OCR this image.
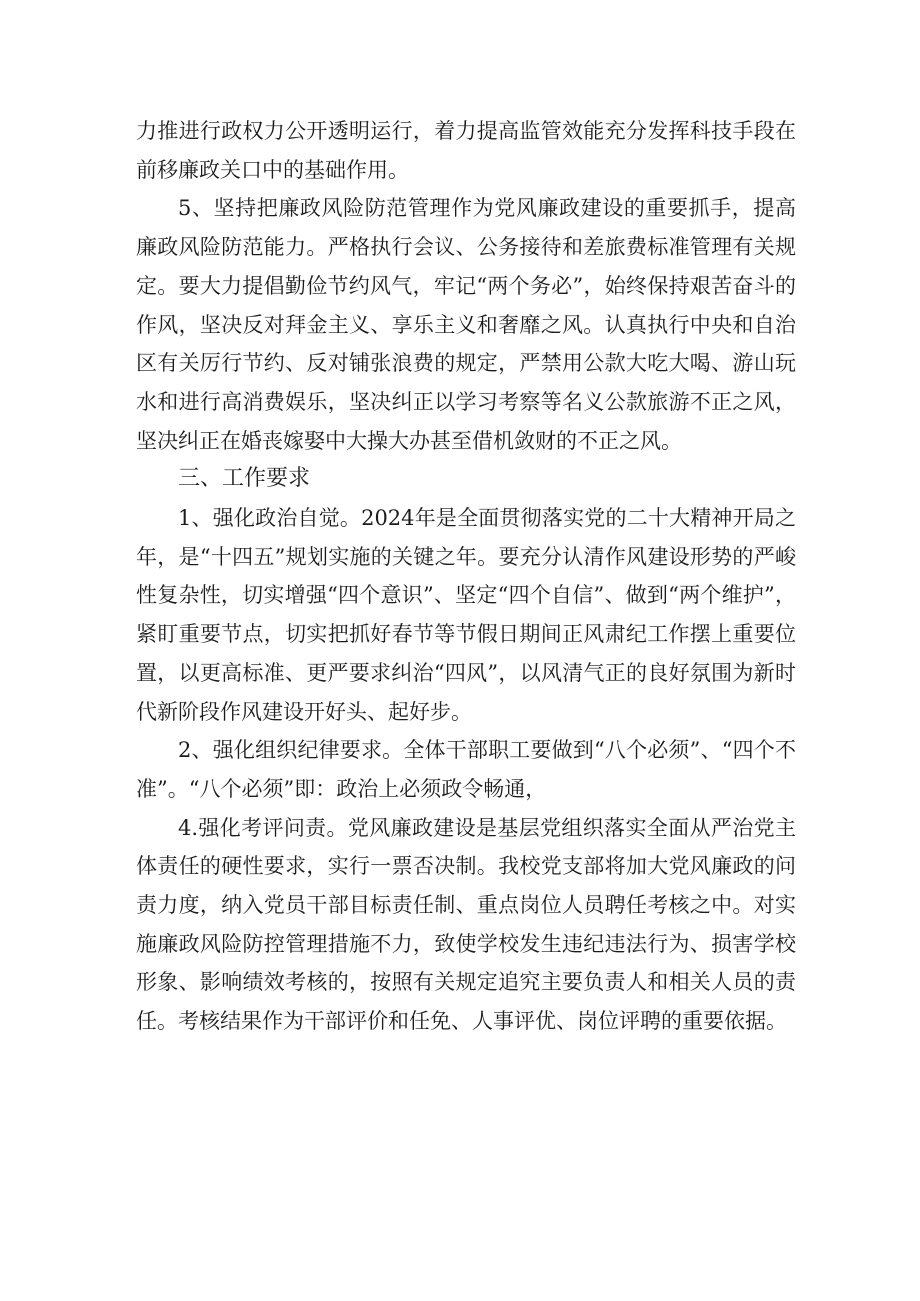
力推进行政权力公开透明运行，着力提高监管效能充分发挥科技手段在前移廉政关口中的基础作用。

5、坚持把廉政风险防范管理作为党风廉政建设的重要抓手，提高廉政风险防范能力。严格执行会议、公务接待和差旅费标准管理有关规定。要大力提倡勤俭节约风气，牢记“两个务必”，始终保持艰苦奋斗的作风，坚决反对拜金主义、享乐主义和奢靡之风。认真执行中央和自治区有关厉行节约、反对铺张浪费的规定，严禁用公款大吃大喝、游山玩水和进行高消费娱乐，坚决纠正以学习考察等名义公款旅游不正之风，坚决纠正在婚丧嫁娶中大操大办甚至借机敛财的不正之风。

三、工作要求

1、强化政治自觉。2024年是全面贯彻落实党的二十大精神开局之年，是“十四五”规划实施的关键之年。要充分认清作风建设形势的严峻性复杂性，切实增强“四个意识”、坚定“四个自信”、做到“两个维护”，紧盯重要节点，切实把抓好春节等节假日期间正风肃纪工作摆上重要位置，以更高标准、更严要求纠治“四风”，以风清气正的良好氛围为新时代新阶段作风建设开好头、起好步。

2、强化组织纪律要求。全体干部职工要做到“八个必须”、“四个不准”。“八个必须”即：政治上必须政令畅通，

4.强化考评问责。党风廉政建设是基层党组织落实全面从严治党主体责任的硬性要求，实行一票否决制。我校党支部将加大党风廉政的问责力度，纳入党员干部目标责任制、重点岗位人员聘任考核之中。对实施廉政风险防控管理措施不力，致使学校发生违纪违法行为、损害学校形象、影响绩效考核的，按照有关规定追究主要负责人和相关人员的责任。考核结果作为干部评价和任免、人事评优、岗位评聘的重要依据。
